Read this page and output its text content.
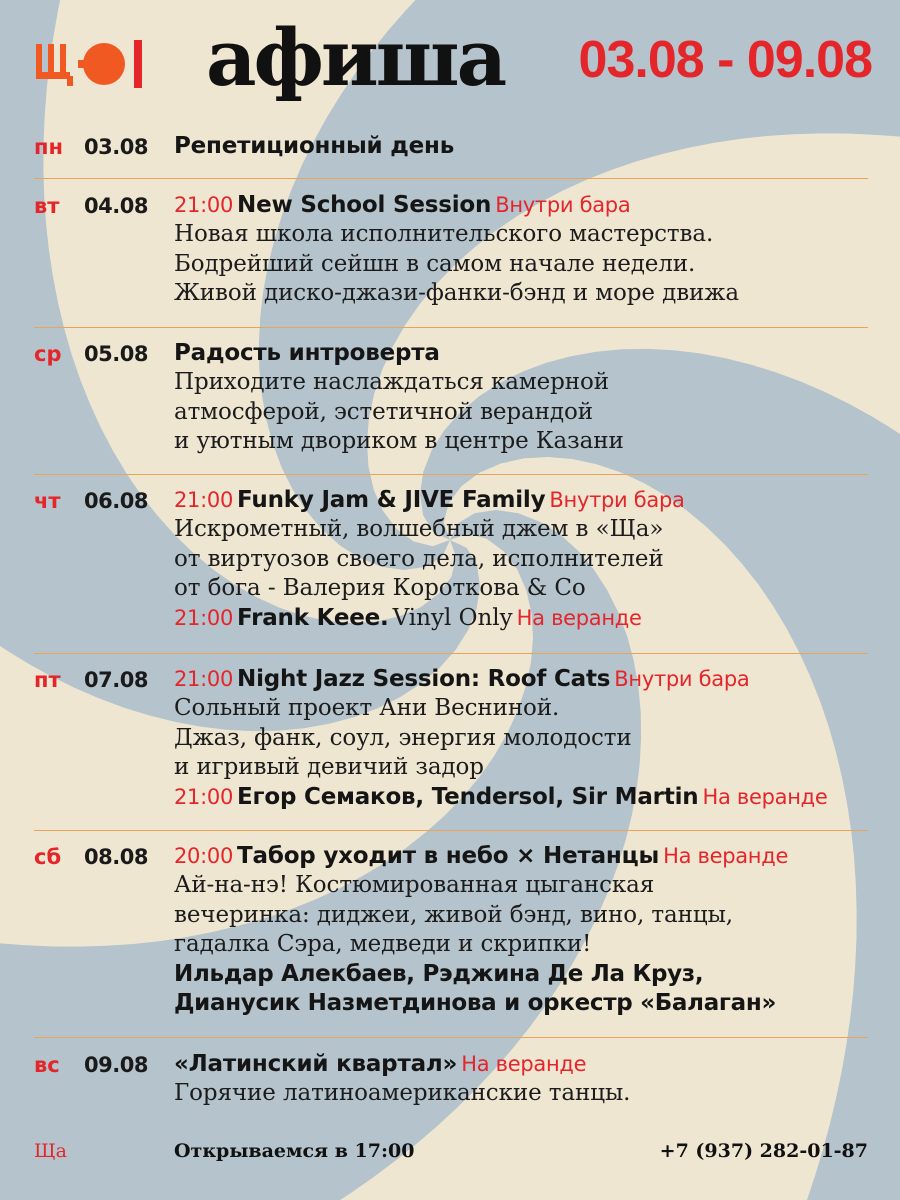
афиша 03.08 - 09.08
пн 03.08 Репетиционный день
вт 04.08 21:00 New School Session Внутри бара
Новая школа исполнительского мастерства.
Бодрейший сейшн в самом начале недели.
Живой диско-джази-фанки-бэнд и море движа
ср 05.08 Радость интроверта
Приходите наслаждаться камерной
атмосферой, эстетичной верандой
и уютным двориком в центре Казани
чт 06.08 21:00 Funky Jam & JIVE Family Внутри бара
Искрометный, волшебный джем в «Ща»
от виртуозов своего дела, исполнителей
от бога - Валерия Короткова & Со
21:00 Frank Keee. Vinyl Only На веранде
пт 07.08 21:00 Night Jazz Session: Roof Cats Внутри бара
Сольный проект Ани Весниной.
Джаз, фанк, соул, энергия молодости
и игривый девичий задор
21:00 Егор Семаков, Tendersol, Sir Martin На веранде
сб 08.08 20:00 Табор уходит в небо × Нетанцы На веранде
Ай-на-нэ! Костюмированная цыганская
вечеринка: диджеи, живой бэнд, вино, танцы,
гадалка Сэра, медведи и скрипки!
Ильдар Алекбаев, Рэджина Де Ла Круз,
Дианусик Назметдинова и оркестр «Балаган»
вс 09.08 «Латинский квартал» На веранде
Горячие латиноамериканские танцы.
Ща	Открываемся в 17:00	+7 (937) 282-01-87
